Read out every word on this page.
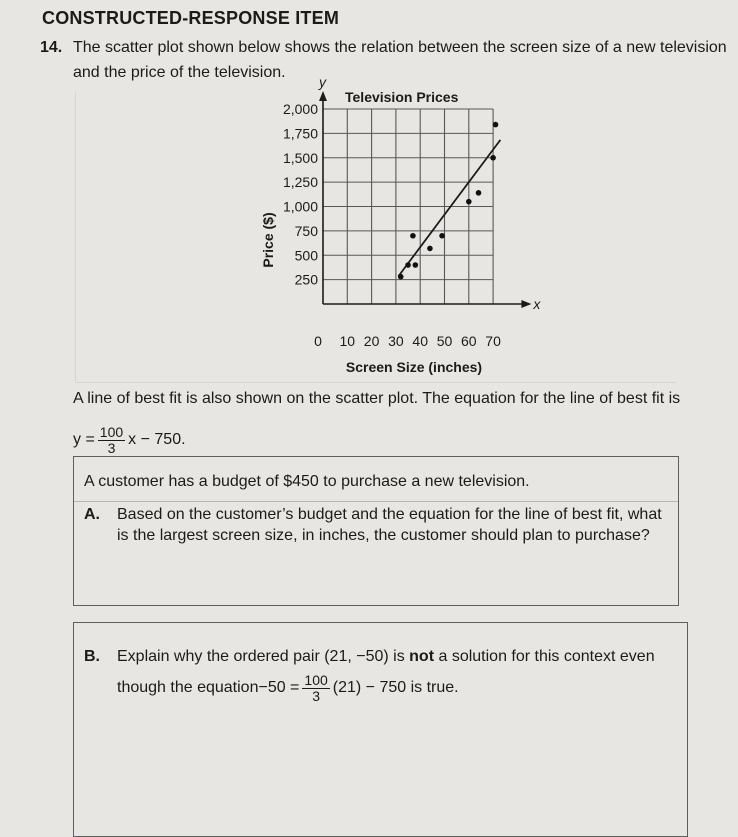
CONSTRUCTED-RESPONSE ITEM
14. The scatter plot shown below shows the relation between the screen size of a new television
and the price of the television.
x
y
Television Prices
250
500
750
1,000
1,250
1,500
1,750
2,000
0 10 20 30 40 50 60 70
Screen Size (inches)
Price ($)
A line of best fit is also shown on the scatter plot. The equation for the line of best fit is
$y = \frac{100}{3}$ x − 750.
A customer has a budget of $450 to purchase a new television.
A. Based on the customer’s budget and the equation for the line of best fit, what
is the largest screen size, in inches, the customer should plan to purchase?
B. Explain why the ordered pair (21, −50) is not a solution for this context even
though the equation $-50 = \frac{100}{3} (21) - 750$ is true.
